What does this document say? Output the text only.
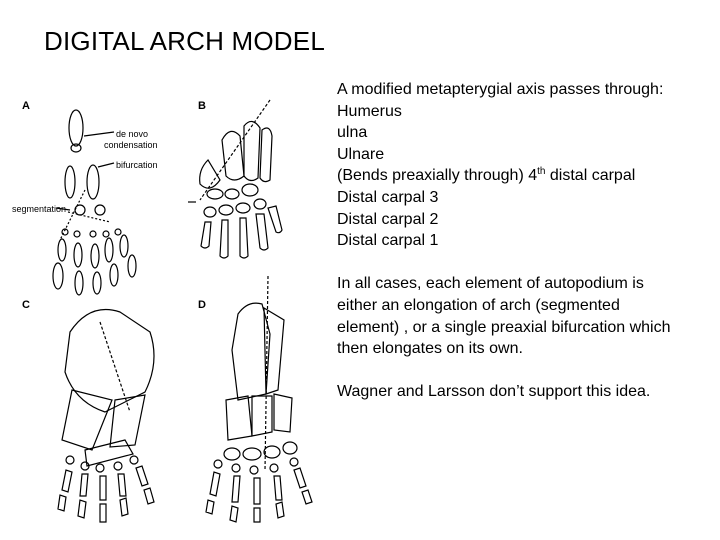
DIGITAL ARCH MODEL
A	B
C	D
de novo
condensation
bifurcation
segmentation

A modified metapterygial axis passes through:

Humerus

ulna

Ulnare

(Bends preaxially through) 4th distal carpal

Distal carpal 3

Distal carpal 2

Distal carpal 1

In all cases, each element of autopodium is

either an elongation of arch (segmented

element) , or a single preaxial bifurcation which

then elongates on its own.

Wagner and Larsson don’t support this idea.
